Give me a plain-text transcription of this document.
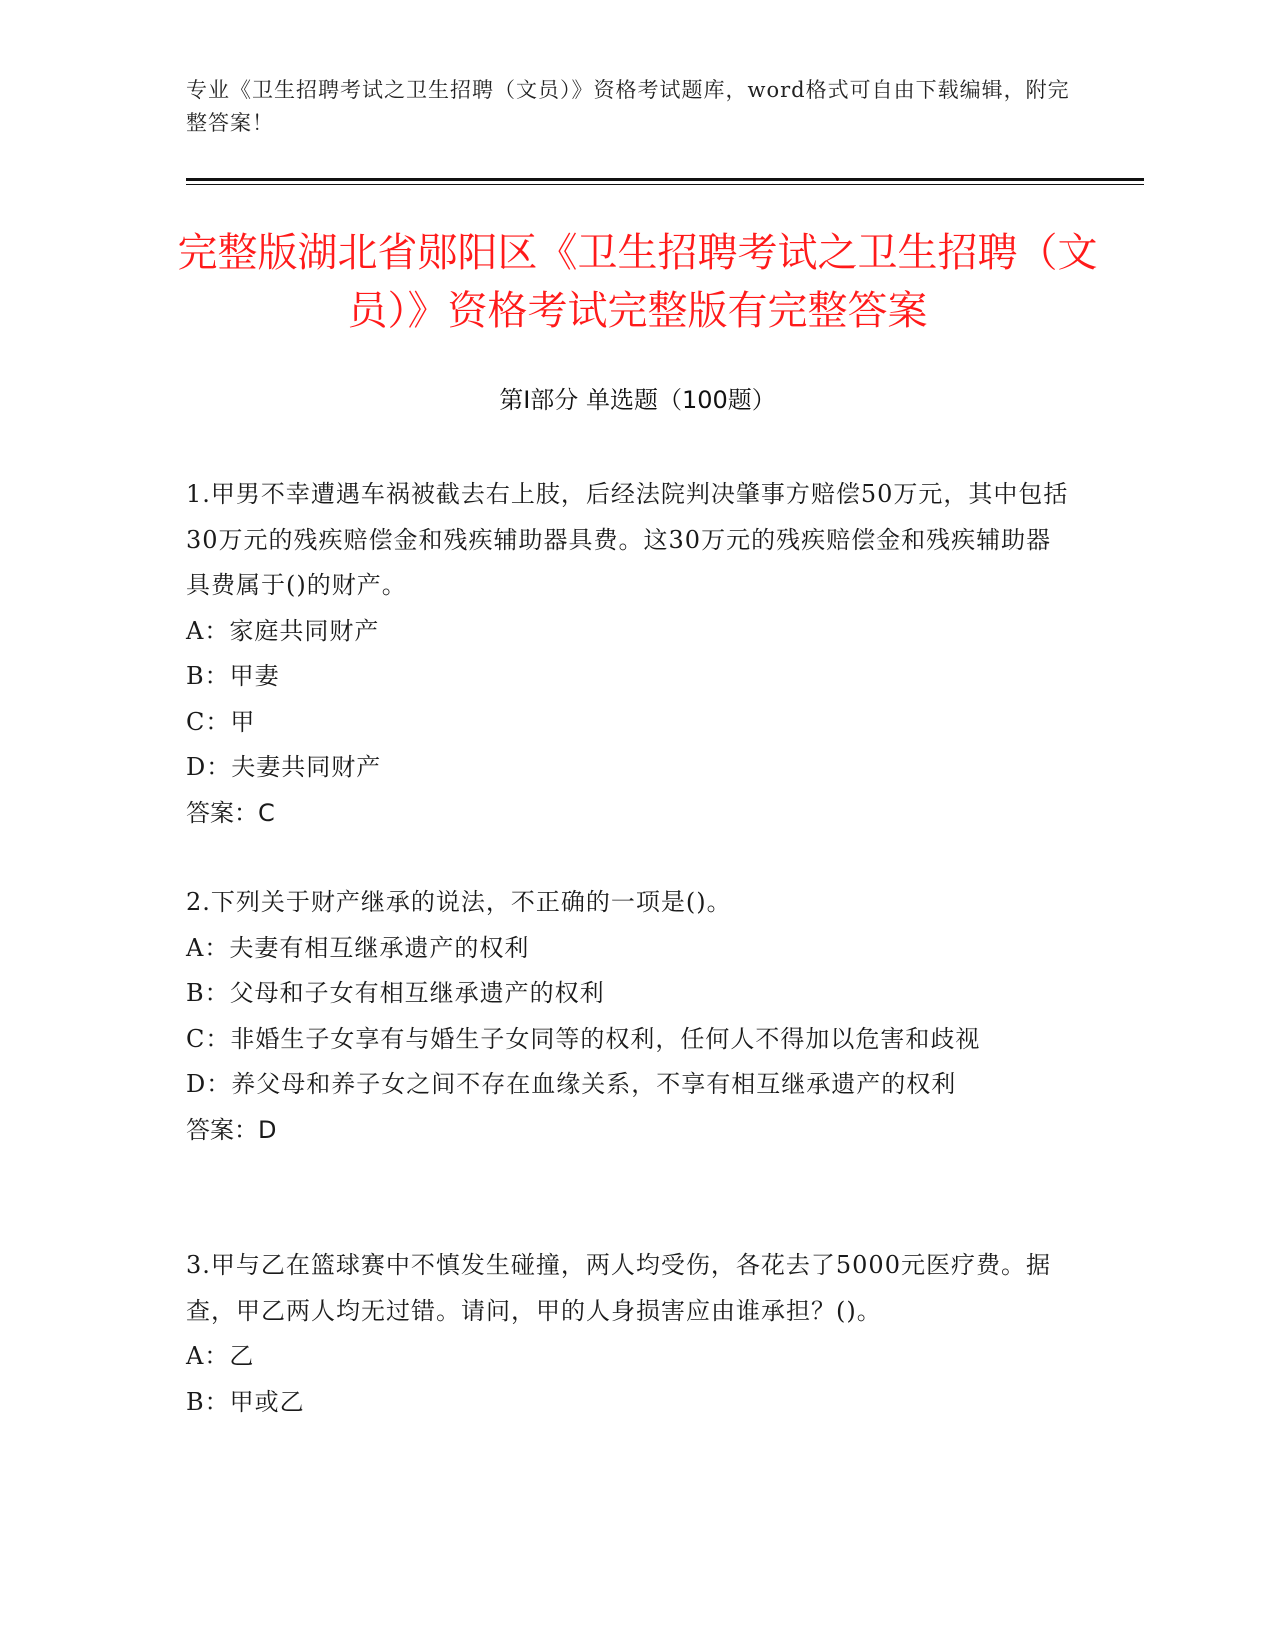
专业《卫生招聘考试之卫生招聘（文员）》资格考试题库，word格式可自由下载编辑，附完整答案！
完整版湖北省郧阳区《卫生招聘考试之卫生招聘（文员）》资格考试完整版有完整答案
第Ⅰ部分 单选题（100题）

1.甲男不幸遭遇车祸被截去右上肢，后经法院判决肇事方赔偿50万元，其中包括30万元的残疾赔偿金和残疾辅助器具费。这30万元的残疾赔偿金和残疾辅助器具费属于()的财产。

A：家庭共同财产

B：甲妻

C：甲

D：夫妻共同财产

答案：C

2.下列关于财产继承的说法，不正确的一项是()。

A：夫妻有相互继承遗产的权利

B：父母和子女有相互继承遗产的权利

C：非婚生子女享有与婚生子女同等的权利，任何人不得加以危害和歧视

D：养父母和养子女之间不存在血缘关系，不享有相互继承遗产的权利

答案：D

3.甲与乙在篮球赛中不慎发生碰撞，两人均受伤，各花去了5000元医疗费。据查，甲乙两人均无过错。请问，甲的人身损害应由谁承担？()。

A：乙

B：甲或乙
